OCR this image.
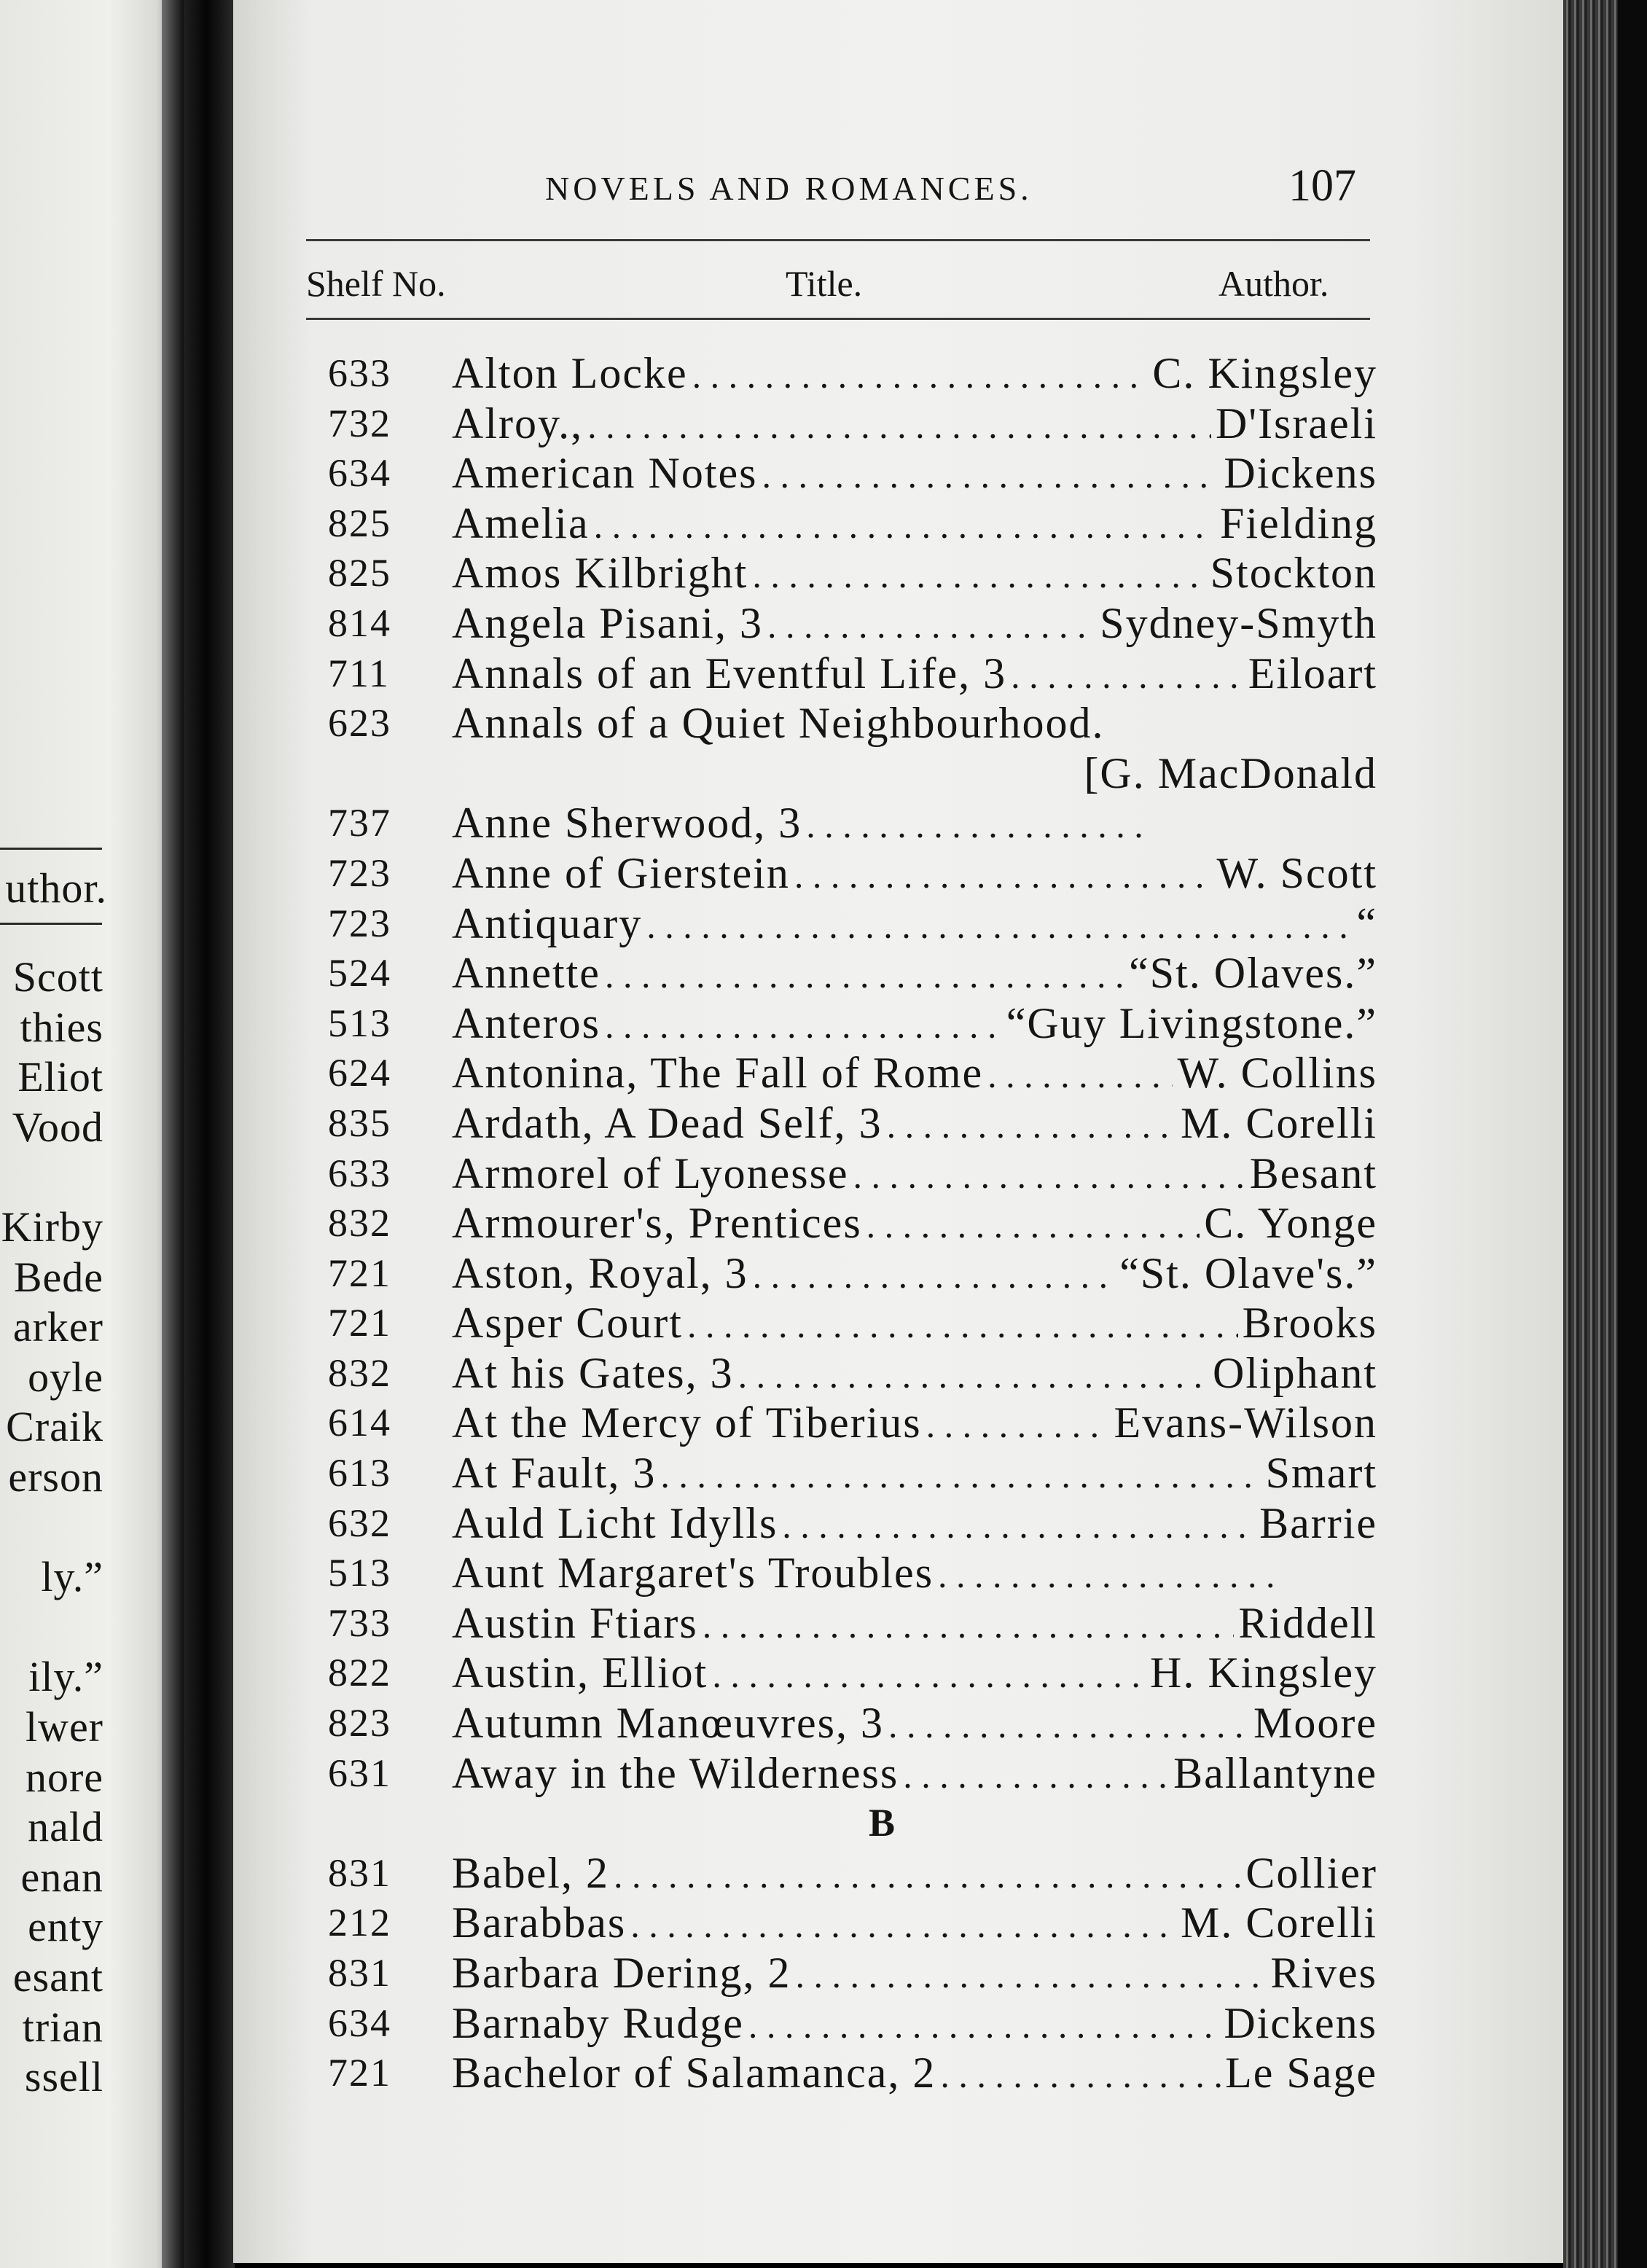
uthor.
Scott
thies
Eliot
Vood
Kirby
Bede
arker
oyle
Craik
erson
ly.”
ily.”
lwer
nore
nald
enan
enty
esant
trian
ssell
NOVELS AND ROMANCES.	107
Shelf No.	Title.	Author.
633	Alton Locke . . .	C. Kingsley
732	Alroy., . . .	D'Israeli
634	American Notes . . .	Dickens
825	Amelia . . .	Fielding
825	Amos Kilbright . . .	Stockton
814	Angela Pisani, 3 . . .	Sydney-Smyth
711	Annals of an Eventful Life, 3 . . .	Eiloart
623	Annals of a Quiet Neighbourhood.
[G. MacDonald
737	Anne Sherwood, 3
. . .
723	Anne of Gierstein . . .	W. Scott
723	Antiquary . . .	“
524	Annette . . .	“St. Olaves.”
513	Anteros . . .	“Guy Livingstone.”
624	Antonina, The Fall of Rome . . .	W. Collins
835	Ardath, A Dead Self, 3 . . .	M. Corelli
633	Armorel of Lyonesse . . .	Besant
832	Armourer's, Prentices . . .	C. Yonge
721	Aston, Royal, 3 . . .	“St. Olave's.”
721	Asper Court . . .	Brooks
832	At his Gates, 3 . . .	Oliphant
614	At the Mercy of Tiberius . . .	Evans-Wilson
613	At Fault, 3 . . .	Smart
632	Auld Licht Idylls . . .	Barrie
513	Aunt Margaret's Troubles
. . .
733	Austin Ftiars . . .	Riddell
822	Austin, Elliot . . .	H. Kingsley
823	Autumn Manœuvres, 3 . . .	Moore
631	Away in the Wilderness . . .	Ballantyne
B
831	Babel, 2 . . .	Collier
212	Barabbas . . .	M. Corelli
831	Barbara Dering, 2 . . .	Rives
634	Barnaby Rudge . . .	Dickens
721	Bachelor of Salamanca, 2 . . .	Le Sage
